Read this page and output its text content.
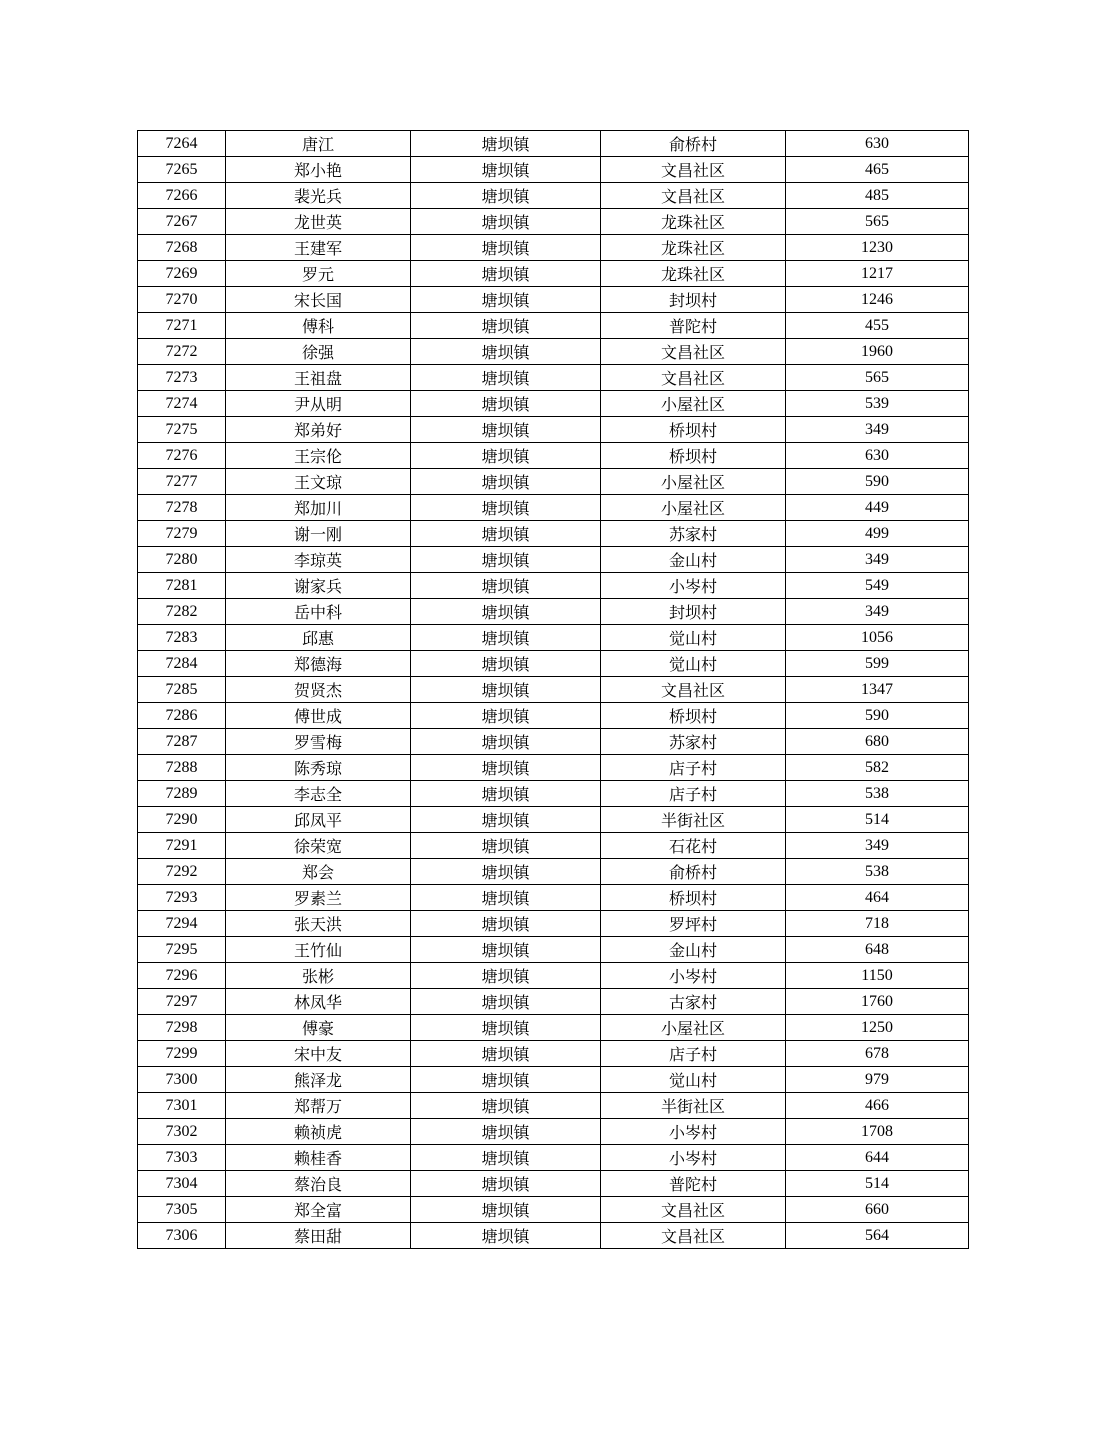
7264	唐江	塘坝镇	俞桥村	630
7265	郑小艳	塘坝镇	文昌社区	465
7266	裴光兵	塘坝镇	文昌社区	485
7267	龙世英	塘坝镇	龙珠社区	565
7268	王建军	塘坝镇	龙珠社区	1230
7269	罗元	塘坝镇	龙珠社区	1217
7270	宋长国	塘坝镇	封坝村	1246
7271	傅科	塘坝镇	普陀村	455
7272	徐强	塘坝镇	文昌社区	1960
7273	王祖盘	塘坝镇	文昌社区	565
7274	尹从明	塘坝镇	小屋社区	539
7275	郑弟好	塘坝镇	桥坝村	349
7276	王宗伦	塘坝镇	桥坝村	630
7277	王文琼	塘坝镇	小屋社区	590
7278	郑加川	塘坝镇	小屋社区	449
7279	谢一刚	塘坝镇	苏家村	499
7280	李琼英	塘坝镇	金山村	349
7281	谢家兵	塘坝镇	小岑村	549
7282	岳中科	塘坝镇	封坝村	349
7283	邱惠	塘坝镇	觉山村	1056
7284	郑德海	塘坝镇	觉山村	599
7285	贺贤杰	塘坝镇	文昌社区	1347
7286	傅世成	塘坝镇	桥坝村	590
7287	罗雪梅	塘坝镇	苏家村	680
7288	陈秀琼	塘坝镇	店子村	582
7289	李志全	塘坝镇	店子村	538
7290	邱凤平	塘坝镇	半街社区	514
7291	徐荣宽	塘坝镇	石花村	349
7292	郑会	塘坝镇	俞桥村	538
7293	罗素兰	塘坝镇	桥坝村	464
7294	张天洪	塘坝镇	罗坪村	718
7295	王竹仙	塘坝镇	金山村	648
7296	张彬	塘坝镇	小岑村	1150
7297	林凤华	塘坝镇	古家村	1760
7298	傅豪	塘坝镇	小屋社区	1250
7299	宋中友	塘坝镇	店子村	678
7300	熊泽龙	塘坝镇	觉山村	979
7301	郑帮万	塘坝镇	半街社区	466
7302	赖祯虎	塘坝镇	小岑村	1708
7303	赖桂香	塘坝镇	小岑村	644
7304	蔡治良	塘坝镇	普陀村	514
7305	郑全富	塘坝镇	文昌社区	660
7306	蔡田甜	塘坝镇	文昌社区	564
